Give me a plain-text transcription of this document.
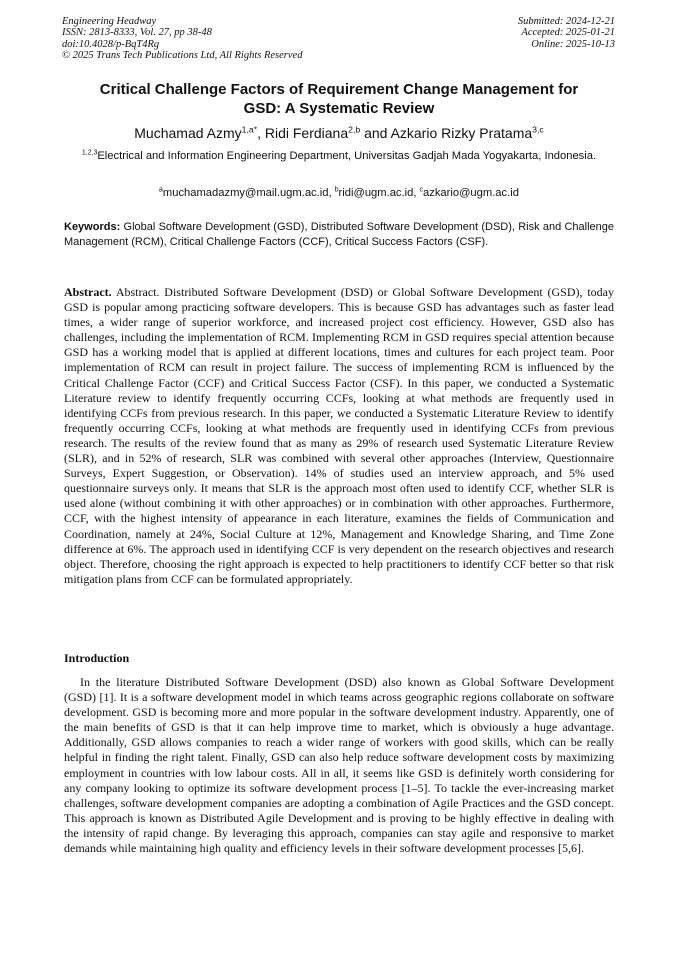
Engineering Headway
ISSN: 2813-8333, Vol. 27, pp 38-48
doi:10.4028/p-BqT4Rg
© 2025 Trans Tech Publications Ltd, All Rights Reserved
Submitted: 2024-12-21
Accepted: 2025-01-21
Online: 2025-10-13
Critical Challenge Factors of Requirement Change Management for
GSD: A Systematic Review
Muchamad Azmy$^{1,a*}$, Ridi Ferdiana$^{2,b}$ and Azkario Rizky Pratama$^{3,c}$
$^{1,2,3}$Electrical and Information Engineering Department, Universitas Gadjah Mada Yogyakarta, Indonesia.
$^a$muchamadazmy@mail.ugm.ac.id, $^b$ridi@ugm.ac.id, $^c$azkario@ugm.ac.id
Keywords: Global Software Development (GSD), Distributed Software Development (DSD), Risk and Challenge Management (RCM), Critical Challenge Factors (CCF), Critical Success Factors (CSF).
Abstract. Abstract. Distributed Software Development (DSD) or Global Software Development (GSD), today GSD is popular among practicing software developers. This is because GSD has advantages such as faster lead times, a wider range of superior workforce, and increased project cost efficiency. However, GSD also has challenges, including the implementation of RCM. Implementing RCM in GSD requires special attention because GSD has a working model that is applied at different locations, times and cultures for each project team. Poor implementation of RCM can result in project failure. The success of implementing RCM is influenced by the Critical Challenge Factor (CCF) and Critical Success Factor (CSF). In this paper, we conducted a Systematic Literature review to identify frequently occurring CCFs, looking at what methods are frequently used in identifying CCFs from previous research. In this paper, we conducted a Systematic Literature Review to identify frequently occurring CCFs, looking at what methods are frequently used in identifying CCFs from previous research. The results of the review found that as many as 29% of research used Systematic Literature Review (SLR), and in 52% of research, SLR was combined with several other approaches (Interview, Questionnaire Surveys, Expert Suggestion, or Observation). 14% of studies used an interview approach, and 5% used questionnaire surveys only. It means that SLR is the approach most often used to identify CCF, whether SLR is used alone (without combining it with other approaches) or in combination with other approaches. Furthermore, CCF, with the highest intensity of appearance in each literature, examines the fields of Communication and Coordination, namely at 24%, Social Culture at 12%, Management and Knowledge Sharing, and Time Zone difference at 6%. The approach used in identifying CCF is very dependent on the research objectives and research object. Therefore, choosing the right approach is expected to help practitioners to identify CCF better so that risk mitigation plans from CCF can be formulated appropriately.
Introduction

In the literature Distributed Software Development (DSD) also known as Global Software Development (GSD) [1]. It is a software development model in which teams across geographic regions collaborate on software development. GSD is becoming more and more popular in the software development industry. Apparently, one of the main benefits of GSD is that it can help improve time to market, which is obviously a huge advantage. Additionally, GSD allows companies to reach a wider range of workers with good skills, which can be really helpful in finding the right talent. Finally, GSD can also help reduce software development costs by maximizing employment in countries with low labour costs. All in all, it seems like GSD is definitely worth considering for any company looking to optimize its software development process [1–5]. To tackle the ever-increasing market challenges, software development companies are adopting a combination of Agile Practices and the GSD concept. This approach is known as Distributed Agile Development and is proving to be highly effective in dealing with the intensity of rapid change. By leveraging this approach, companies can stay agile and responsive to market demands while maintaining high quality and efficiency levels in their software development processes [5,6].
